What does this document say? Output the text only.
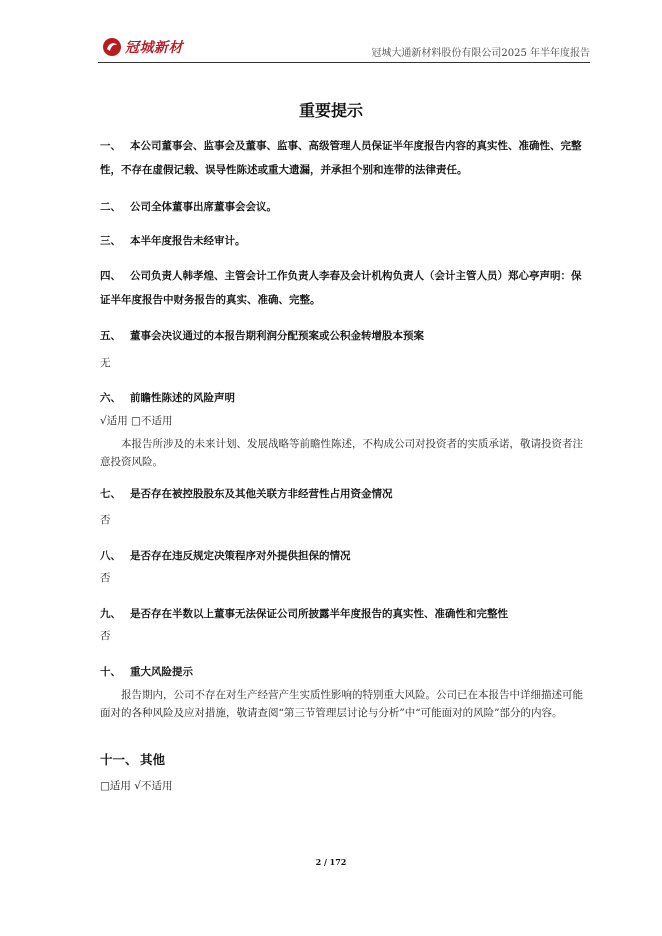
冠城新材	冠城大通新材料股份有限公司2025 年半年度报告
重要提示
一、 本公司董事会、监事会及董事、监事、高级管理人员保证半年度报告内容的真实性、准确性、完整性，不存在虚假记载、误导性陈述或重大遗漏，并承担个别和连带的法律责任。
二、 公司全体董事出席董事会会议。
三、 本半年度报告未经审计。
四、 公司负责人韩孝煌、主管会计工作负责人李春及会计机构负责人（会计主管人员）郑心亭声明：保证半年度报告中财务报告的真实、准确、完整。
五、 董事会决议通过的本报告期利润分配预案或公积金转增股本预案
无
六、 前瞻性陈述的风险声明
√适用 □不适用
本报告所涉及的未来计划、发展战略等前瞻性陈述，不构成公司对投资者的实质承诺，敬请投资者注意投资风险。
七、 是否存在被控股股东及其他关联方非经营性占用资金情况
否
八、 是否存在违反规定决策程序对外提供担保的情况
否
九、 是否存在半数以上董事无法保证公司所披露半年度报告的真实性、准确性和完整性
否
十、 重大风险提示
报告期内，公司不存在对生产经营产生实质性影响的特别重大风险。公司已在本报告中详细描述可能面对的各种风险及应对措施，敬请查阅“第三节管理层讨论与分析”中“可能面对的风险”部分的内容。
十一、 其他
□适用 √不适用
2 / 172
